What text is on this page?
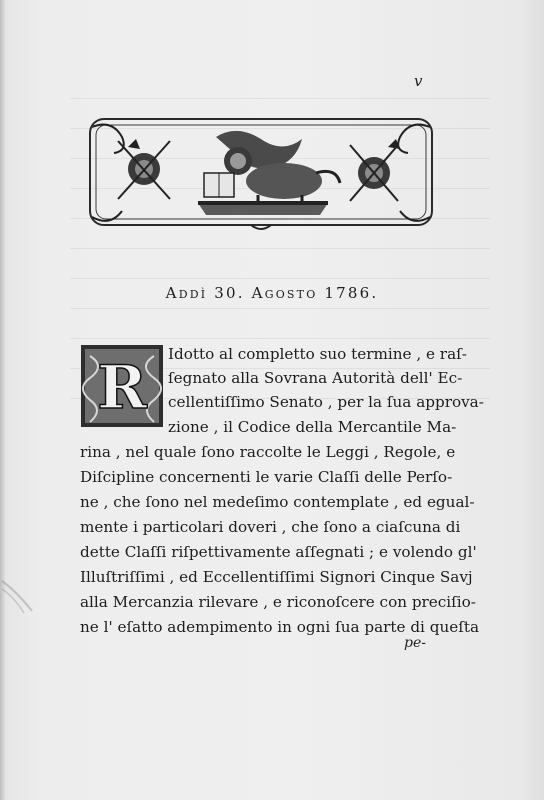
v
Addì 30. Agosto 1786.
R Idotto al completto suo termine , e raſ-
ſegnato alla Sovrana Autorità dell' Ec-
cellentiſſimo Senato , per la ſua approva-
zione , il Codice della Mercantile Ma-
rina , nel quale ſono raccolte le Leggi , Regole, e
Diſcipline concernenti le varie Claſſi delle Perſo-
ne , che ſono nel medeſimo contemplate , ed egual-
mente i particolari doveri , che ſono a ciaſcuna di
dette Claſſi riſpettivamente aſſegnati ; e volendo gl'
Illuſtriſſimi , ed Eccellentiſſimi Signori Cinque Savj
alla Mercanzia rilevare , e riconoſcere con preciſio-
ne l' eſatto adempimento in ogni ſua parte di queſta
pe-
